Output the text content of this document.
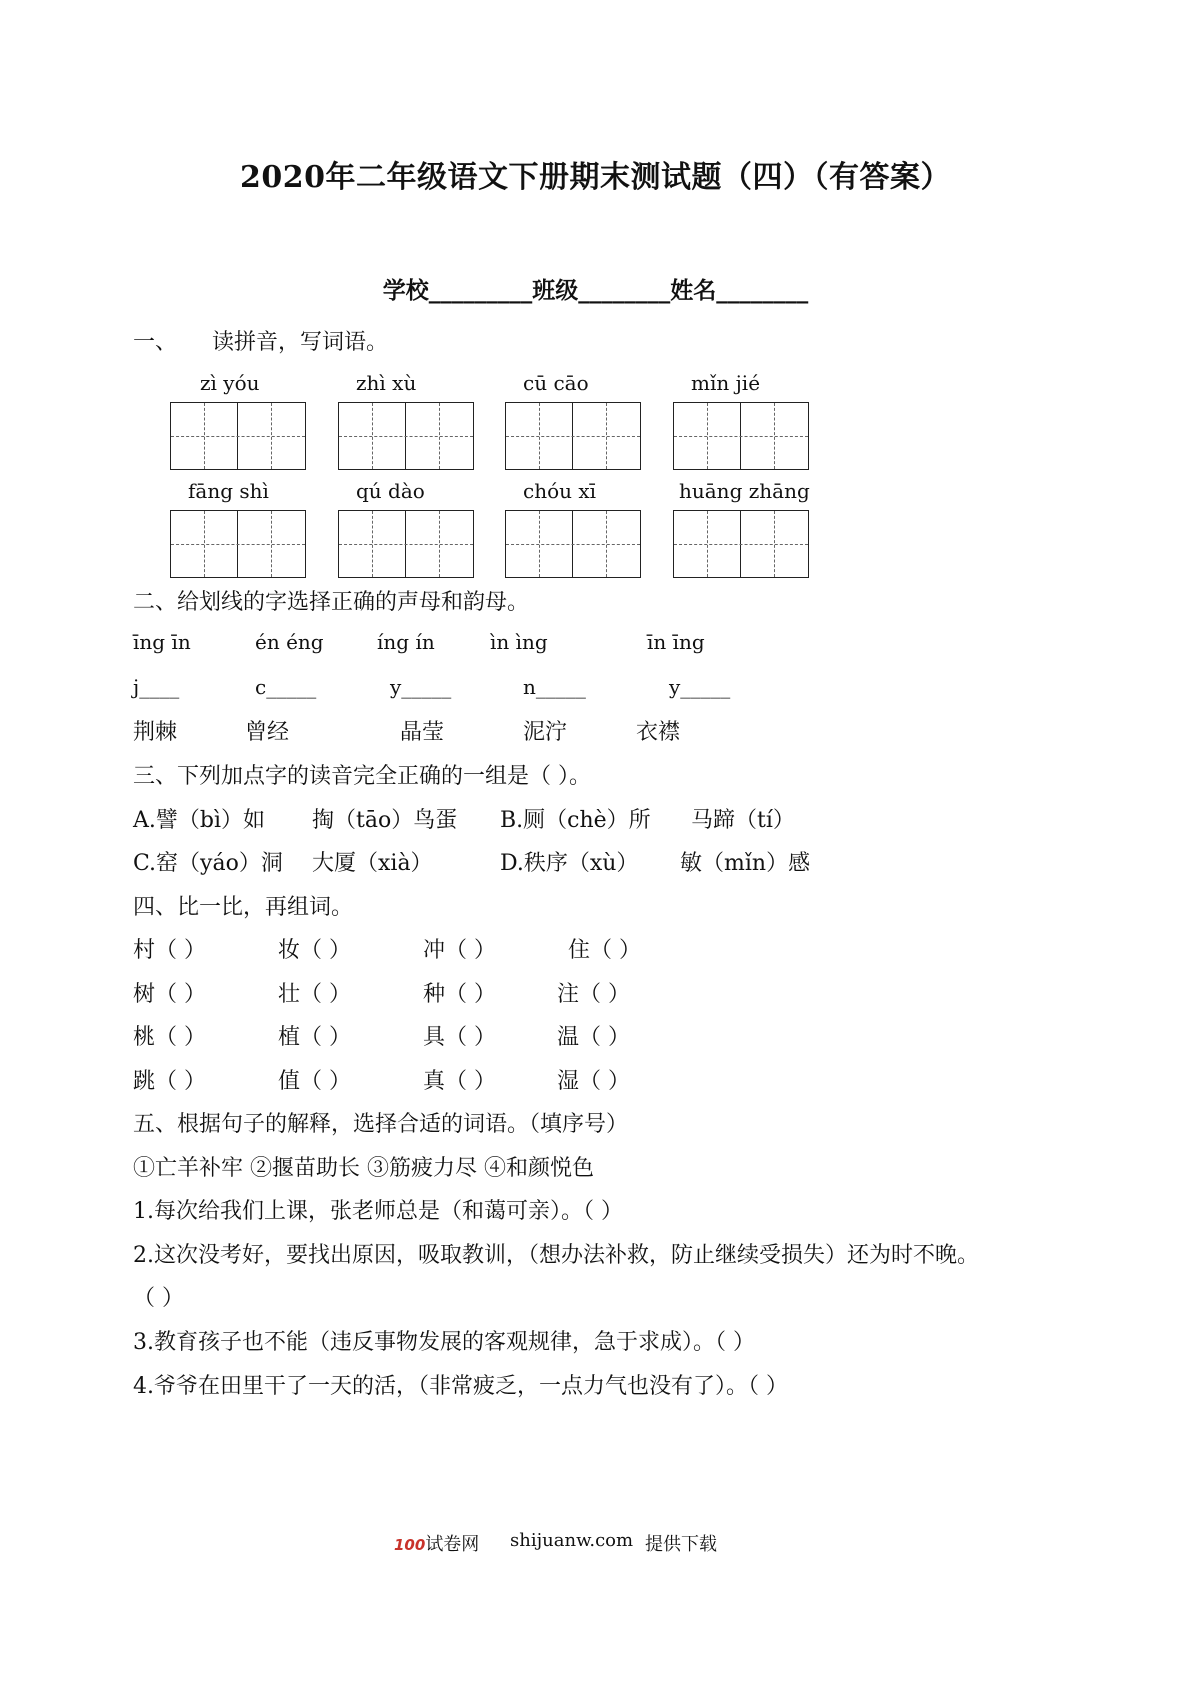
2020年二年级语文下册期末测试题（四）（有答案）
学校_________班级________姓名________
一、 读拼音，写词语。
zì yóu	zhì xù	cū cāo	mǐn jié
fāng shì	qú dào	chóu xī	huāng zhāng
二、给划线的字选择正确的声母和韵母。
īng īn	én éng	íng ín	ìn ìng	īn īng
j____	c_____	y_____	n_____	y_____
荆棘	曾经	晶莹	泥泞	衣襟
三、下列加点字的读音完全正确的一组是（ ）。
A.譬（bì）如 掏（tāo）鸟蛋 B.厕（chè）所 马蹄（tí）
C.窑（yáo）洞 大厦（xià）	D.秩序（xù） 敏（mǐn）感
四、比一比，再组词。
村（ ）	妆（ ）	冲（ ）	住（ ）
树（ ）	壮（ ）	种（ ）	注（ ）
桃（ ）	植（ ）	具（ ）	温（ ）
跳（ ）	值（ ）	真（ ）	湿（ ）
五、根据句子的解释，选择合适的词语。（填序号）
①亡羊补牢 ②揠苗助长 ③筋疲力尽 ④和颜悦色
1.每次给我们上课，张老师总是（和蔼可亲）。（ ）
2.这次没考好，要找出原因，吸取教训，（想办法补救，防止继续受损失）还为时不晚。
（ ）
3.教育孩子也不能（违反事物发展的客观规律，急于求成）。（ ）
4.爷爷在田里干了一天的活，（非常疲乏，一点力气也没有了）。（ ）
100试卷网 shijuanw.com 提供下载
